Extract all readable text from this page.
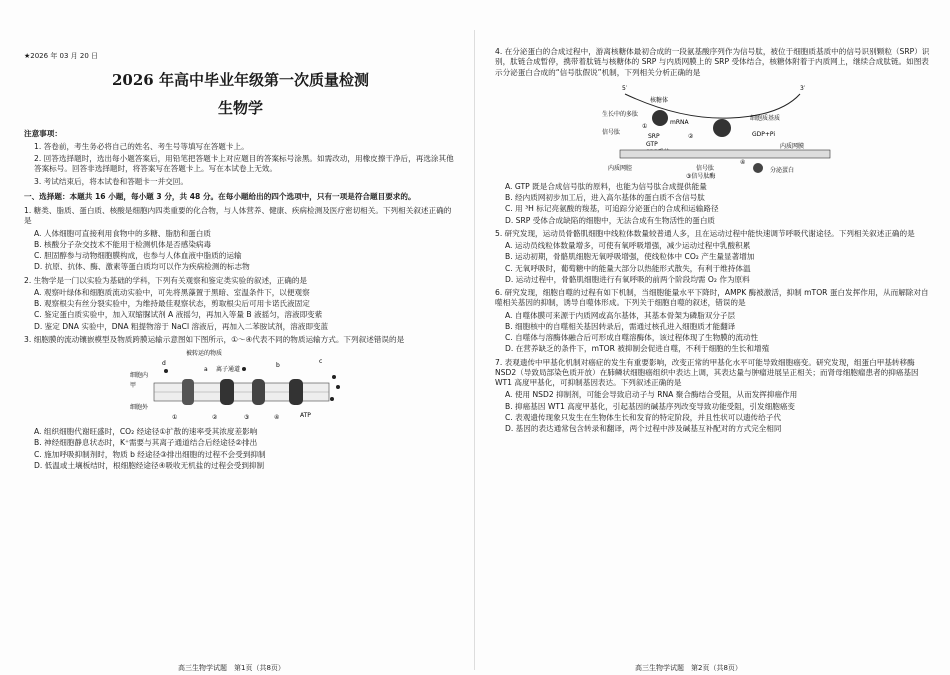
★2026 年 03 月 20 日
2026 年高中毕业年级第一次质量检测
生物学
注意事项：

1. 答卷前，考生务必将自己的姓名、考生号等填写在答题卡上。

2. 回答选择题时，选出每小题答案后，用铅笔把答题卡上对应题目的答案标号涂黑。如需改动，用橡皮擦干净后，再选涂其他答案标号。回答非选择题时，将答案写在答题卡上。写在本试卷上无效。

3. 考试结束后，将本试卷和答题卡一并交回。

一、选择题：本题共 16 小题，每小题 3 分，共 48 分。在每小题给出的四个选项中，只有一项是符合题目要求的。
1. 糖类、脂质、蛋白质、核酸是细胞内四类重要的化合物，与人体营养、健康、疾病检测及医疗密切相关。下列相关叙述正确的是
A. 人体细胞可直接利用食物中的多糖、脂肪和蛋白质
B. 核酸分子杂交技术不能用于检测机体是否感染病毒
C. 胆固醇参与动物细胞膜构成，也参与人体血液中脂质的运输
D. 抗原、抗体、酶、激素等蛋白质均可以作为疾病检测的标志物
2. 生物学是一门以实验为基础的学科，下列有关观察和鉴定类实验的叙述，正确的是
A. 观察叶绿体和细胞质流动实验中，可先将黑藻置于黑暗、室温条件下，以便观察
B. 观察根尖有丝分裂实验中，为维持最佳观察状态，剪取根尖后可用卡诺氏液固定
C. 鉴定蛋白质实验中，加入双缩脲试剂 A 液摇匀，再加入等量 B 液摇匀，溶液即变紫
D. 鉴定 DNA 实验中，DNA 粗提物溶于 NaCl 溶液后，再加入二苯胺试剂，溶液即变蓝
3. 细胞膜的流动镶嵌模型及物质跨膜运输示意图如下图所示，①～④代表不同的物质运输方式。下列叙述错误的是
被转运的物质
d
a 离子通道
b
细胞内
甲
细胞外
①	②	③	④	ATP
c
A. 组织细胞代谢旺盛时，CO₂ 经途径①扩散的速率受其浓度差影响
B. 神经细胞静息状态时，K⁺需要与其离子通道结合后经途径②排出
C. 施加呼吸抑制剂时，物质 b 经途径③排出细胞的过程不会受到抑制
D. 低温或土壤板结时，根细胞经途径④吸收无机盐的过程会受到抑制
4. 在分泌蛋白的合成过程中，游离核糖体最初合成的一段氨基酸序列作为信号肽，被位于细胞质基质中的信号识别颗粒（SRP）识别，肽链合成暂停，携带着肽链与核糖体的 SRP 与内质网膜上的 SRP 受体结合，核糖体附着于内质网上，继续合成肽链。如图表示分泌蛋白合成的“信号肽假说”机制，下列相关分析正确的是
5′	3′
核糖体
生长中的多肽
信号肽
mRNA
SRP
GTP
细胞质基质
GDP+Pi
内质网膜
内质网腔	信号肽
③信号肽酶
分泌蛋白
①
②
④
A. GTP 既是合成信号肽的原料，也能为信号肽合成提供能量
B. 经内质网初步加工后，进入高尔基体的蛋白质不含信号肽
C. 用 ³H 标记亮氨酸的羧基，可追踪分泌蛋白的合成和运输路径
D. SRP 受体合成缺陷的细胞中，无法合成有生物活性的蛋白质
5. 研究发现，运动员骨骼肌细胞中线粒体数量较普通人多，且在运动过程中能快速调节呼吸代谢途径。下列相关叙述正确的是
A. 运动员线粒体数量增多，可使有氧呼吸增强，减少运动过程中乳酸积累
B. 运动初期，骨骼肌细胞无氧呼吸增强，使线粒体中 CO₂ 产生量显著增加
C. 无氧呼吸时，葡萄糖中的能量大部分以热能形式散失，有利于维持体温
D. 运动过程中，骨骼肌细胞进行有氧呼吸的前两个阶段均需 O₂ 作为原料
6. 研究发现，细胞自噬的过程有如下机制，当细胞能量水平下降时，AMPK 酶被激活，抑制 mTOR 蛋白发挥作用，从而解除对自噬相关基因的抑制，诱导自噬体形成。下列关于细胞自噬的叙述，错误的是
A. 自噬体膜可来源于内质网或高尔基体，其基本骨架为磷脂双分子层
B. 细胞核中的自噬相关基因转录后，需通过核孔进入细胞质才能翻译
C. 自噬体与溶酶体融合后可形成自噬溶酶体，该过程体现了生物膜的流动性
D. 在营养缺乏的条件下，mTOR 被抑制会促进自噬，不利于细胞的生长和增殖
7. 表观遗传中甲基化机制对癌症的发生有重要影响，改变正常的甲基化水平可能导致细胞癌变。研究发现，组蛋白甲基转移酶 NSD2（导致局部染色质开放）在肺鳞状细胞癌组织中表达上调，其表达量与肿瘤进展呈正相关；而肾母细胞瘤患者的抑癌基因 WT1 高度甲基化，可抑制基因表达。下列叙述正确的是
A. 使用 NSD2 抑制剂，可能会导致启动子与 RNA 聚合酶结合受阻，从而发挥抑癌作用
B. 抑癌基因 WT1 高度甲基化，引起基因的碱基序列改变导致功能受阻，引发细胞癌变
C. 表观遗传现象只发生在生物体生长和发育的特定阶段，并且性状可以遗传给子代
D. 基因的表达通常包含转录和翻译，两个过程中涉及碱基互补配对的方式完全相同
高三生物学试题　第1页（共8页）	高三生物学试题　第2页（共8页）
